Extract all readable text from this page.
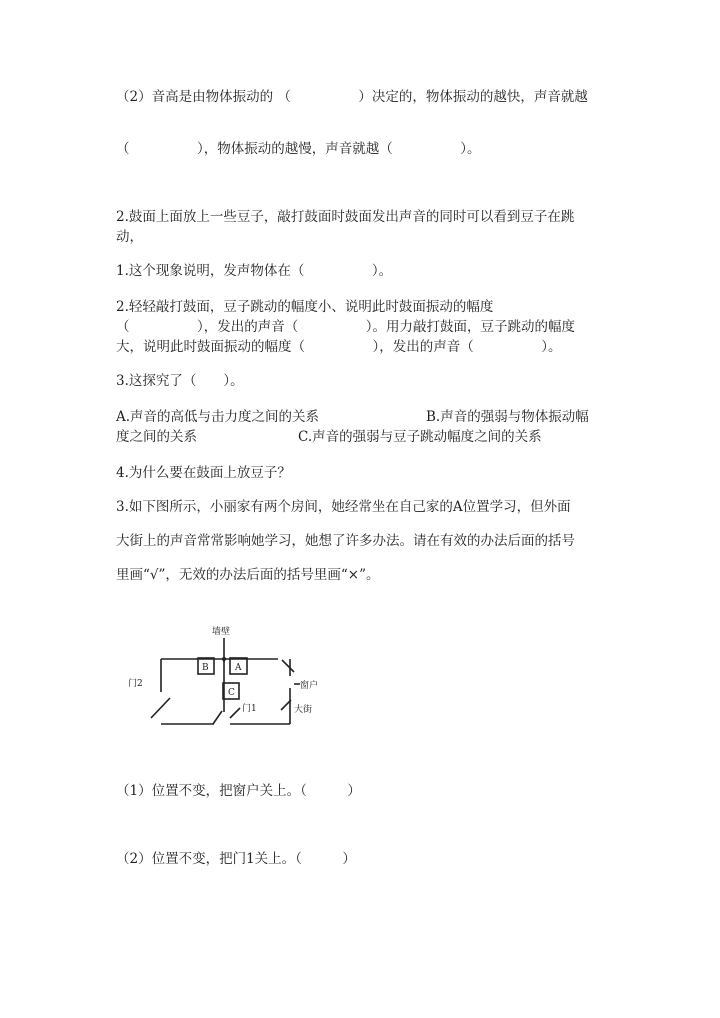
（2）音高是由物体振动的 （　　　　　）决定的，物体振动的越快，声音就越
（　　　　　），物体振动的越慢，声音就越（　　　　　）。
2.鼓面上面放上一些豆子，敲打鼓面时鼓面发出声音的同时可以看到豆子在跳
动，
1.这个现象说明，发声物体在（　　　　　）。
2.轻轻敲打鼓面，豆子跳动的幅度小、说明此时鼓面振动的幅度
（　　　　　），发出的声音（　　　　　）。用力敲打鼓面，豆子跳动的幅度
大，说明此时鼓面振动的幅度（　　　　　），发出的声音（　　　　　）。
3.这探究了（　　）。
A.声音的高低与击力度之间的关系	B.声音的强弱与物体振动幅
度之间的关系	C.声音的强弱与豆子跳动幅度之间的关系
4.为什么要在鼓面上放豆子？
3.如下图所示，小丽家有两个房间，她经常坐在自己家的A位置学习，但外面
大街上的声音常常影响她学习，她想了许多办法。请在有效的办法后面的括号
里画“√”，无效的办法后面的括号里画“×”。
墙壁
B	A
C
门2
门1
窗户
大街
（1）位置不变，把窗户关上。（　　　）
（2）位置不变，把门1关上。（　　　）
